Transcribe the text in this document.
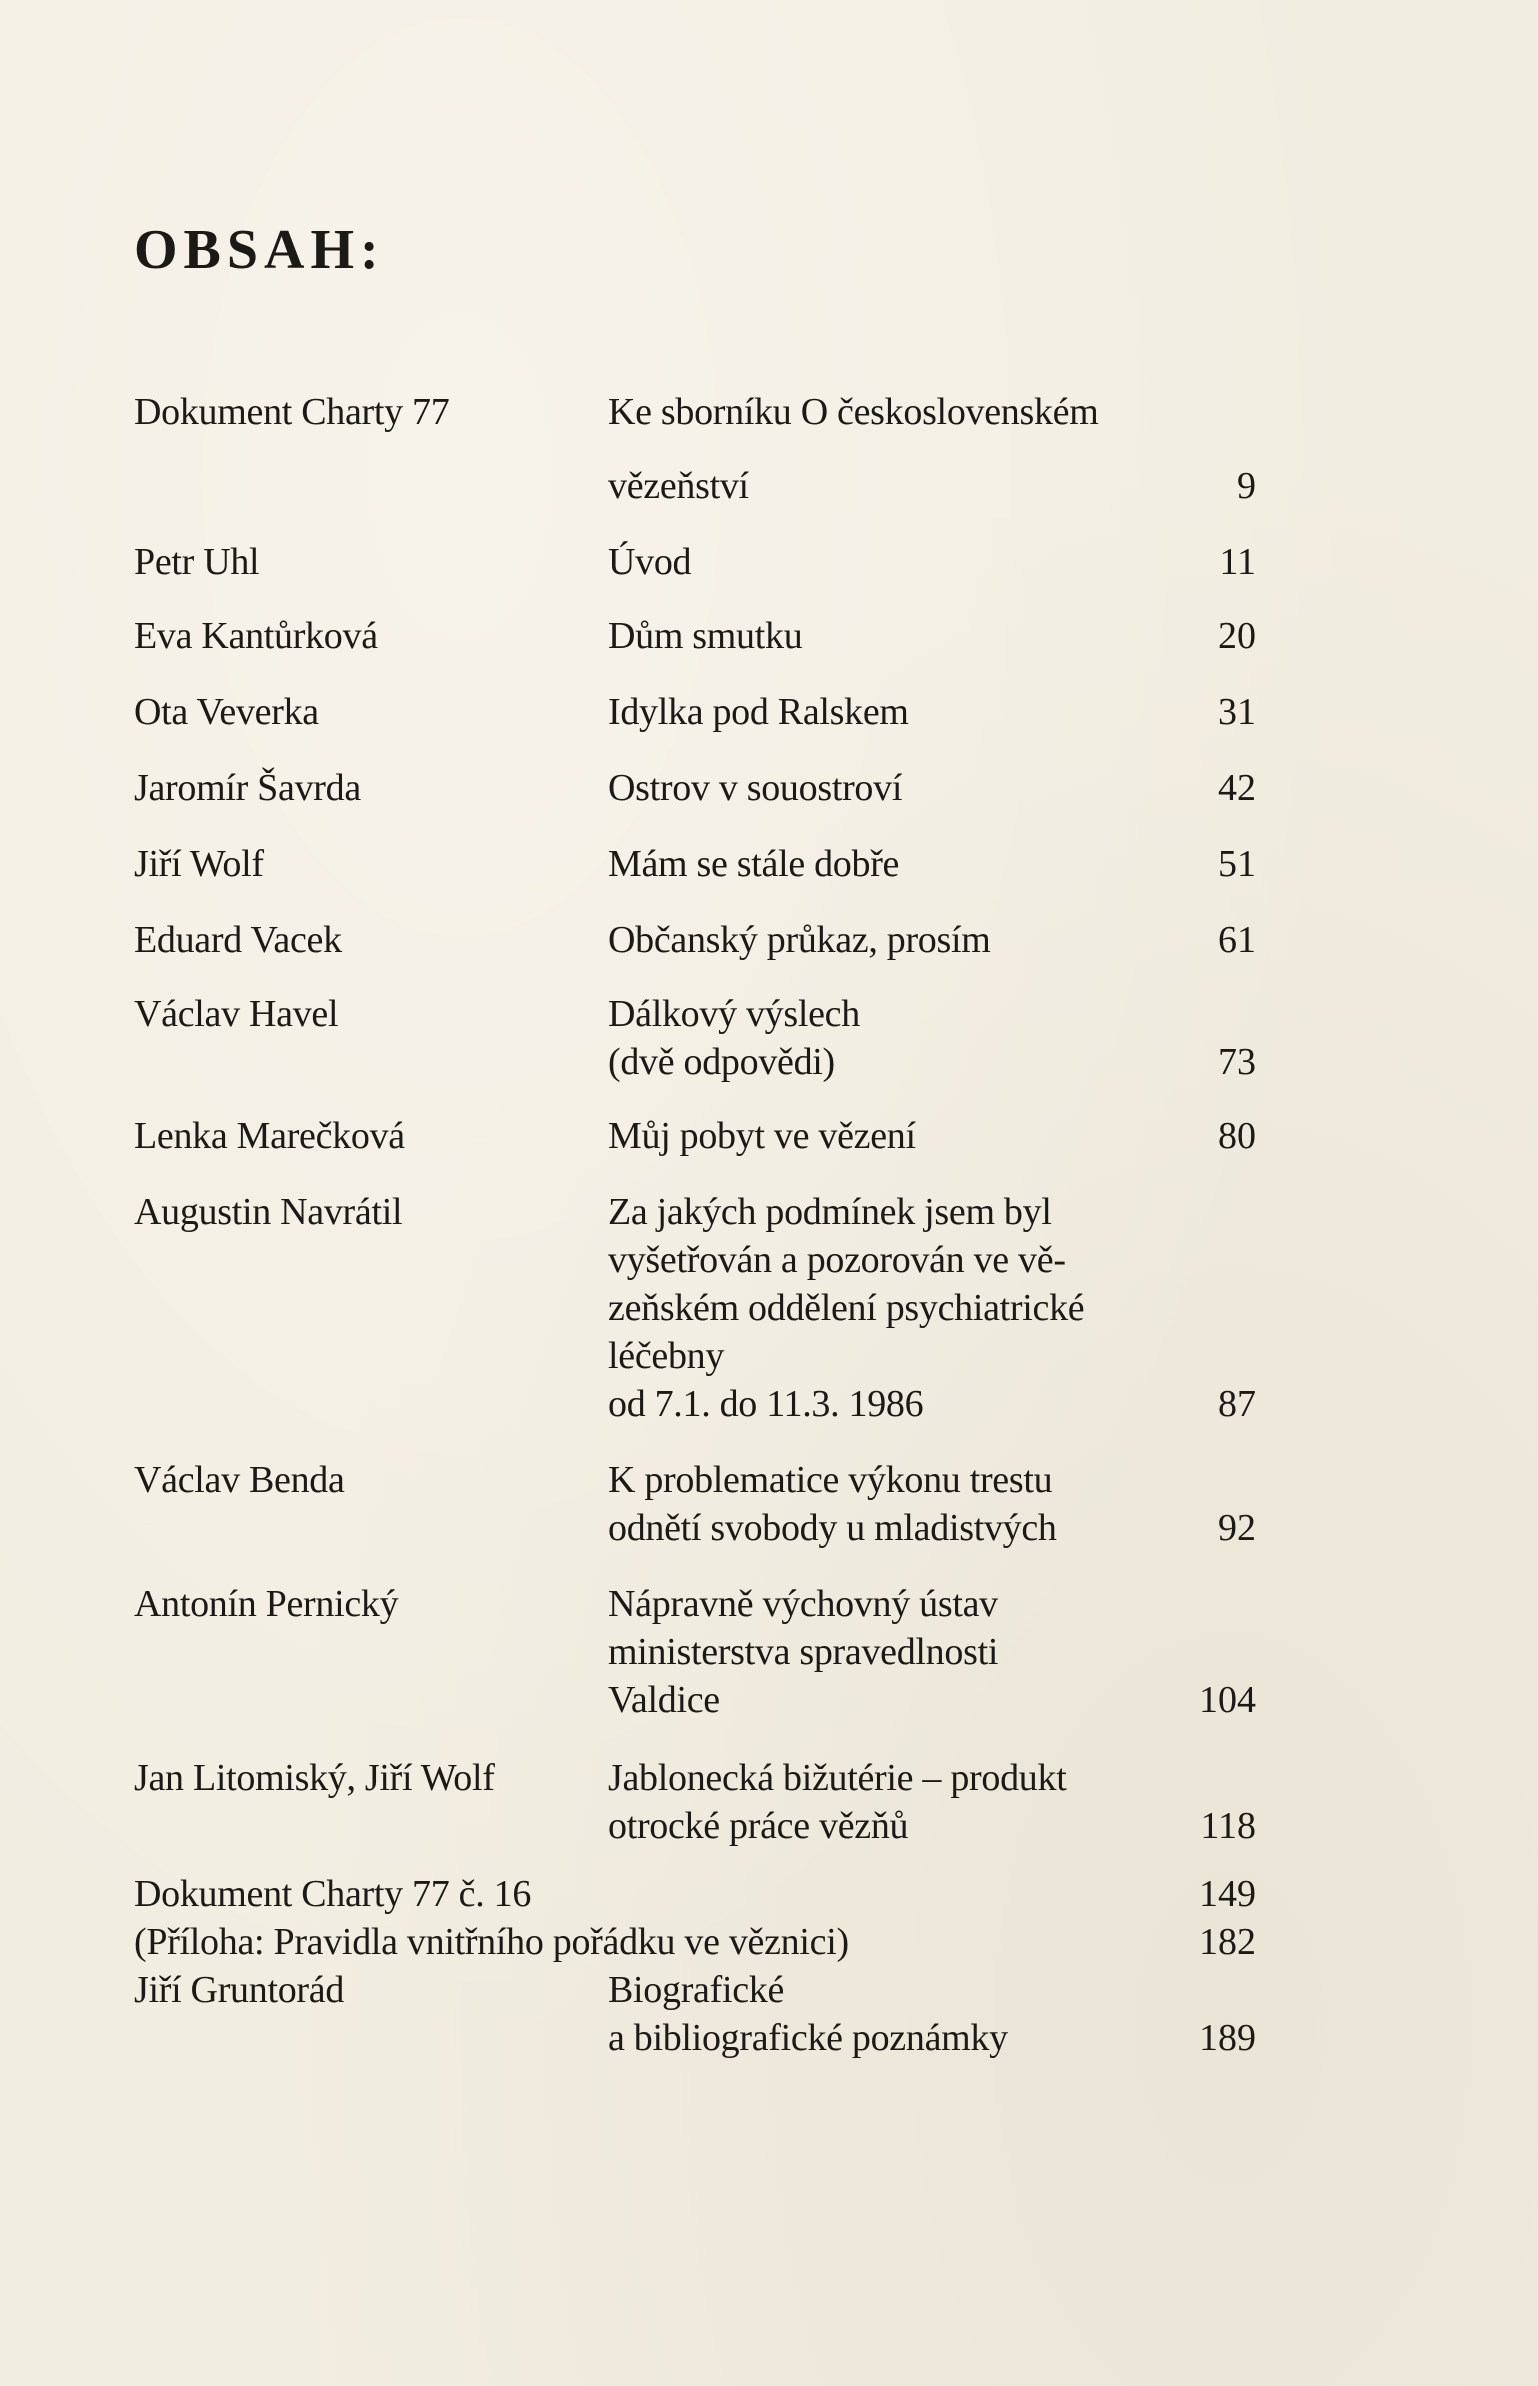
OBSAH:
Dokument Charty 77	Ke sborníku O československém
vězeňství	9
Petr Uhl	Úvod	11
Eva Kantůrková	Dům smutku	20
Ota Veverka	Idylka pod Ralskem	31
Jaromír Šavrda	Ostrov v souostroví	42
Jiří Wolf	Mám se stále dobře	51
Eduard Vacek	Občanský průkaz, prosím	61
Václav Havel	Dálkový výslech
(dvě odpovědi)	73
Lenka Marečková	Můj pobyt ve vězení	80
Augustin Navrátil	Za jakých podmínek jsem byl
vyšetřován a pozorován ve vě-
zeňském oddělení psychiatrické
léčebny
od 7.1. do 11.3. 1986	87
Václav Benda	K problematice výkonu trestu
odnětí svobody u mladistvých	92
Antonín Pernický	Nápravně výchovný ústav
ministerstva spravedlnosti
Valdice	104
Jan Litomiský, Jiří Wolf	Jablonecká bižutérie – produkt
otrocké práce vězňů	118
Dokument Charty 77 č. 16	149
(Příloha: Pravidla vnitřního pořádku ve věznici)	182
Jiří Gruntorád	Biografické
a bibliografické poznámky	189
